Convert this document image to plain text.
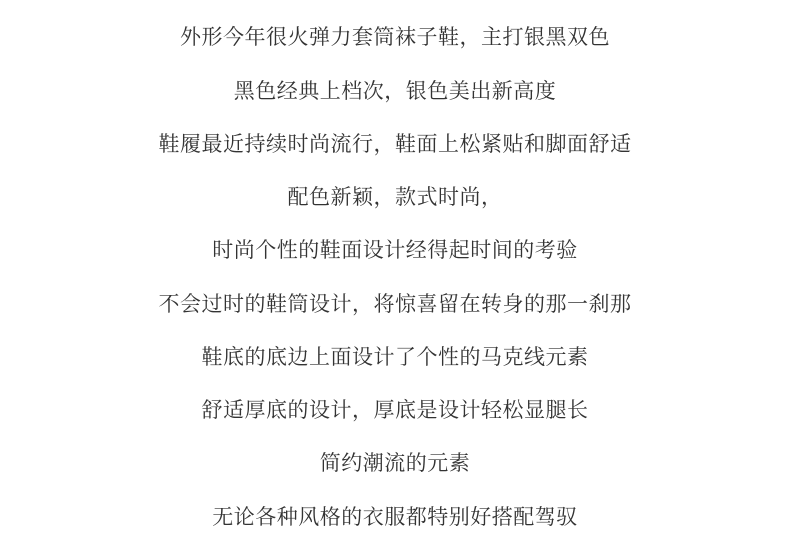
外形今年很火弹力套筒袜子鞋，主打银黑双色
黑色经典上档次，银色美出新高度
鞋履最近持续时尚流行，鞋面上松紧贴和脚面舒适
配色新颖，款式时尚，
时尚个性的鞋面设计经得起时间的考验
不会过时的鞋筒设计，将惊喜留在转身的那一刹那
鞋底的底边上面设计了个性的马克线元素
舒适厚底的设计，厚底是设计轻松显腿长
简约潮流的元素
无论各种风格的衣服都特别好搭配驾驭
